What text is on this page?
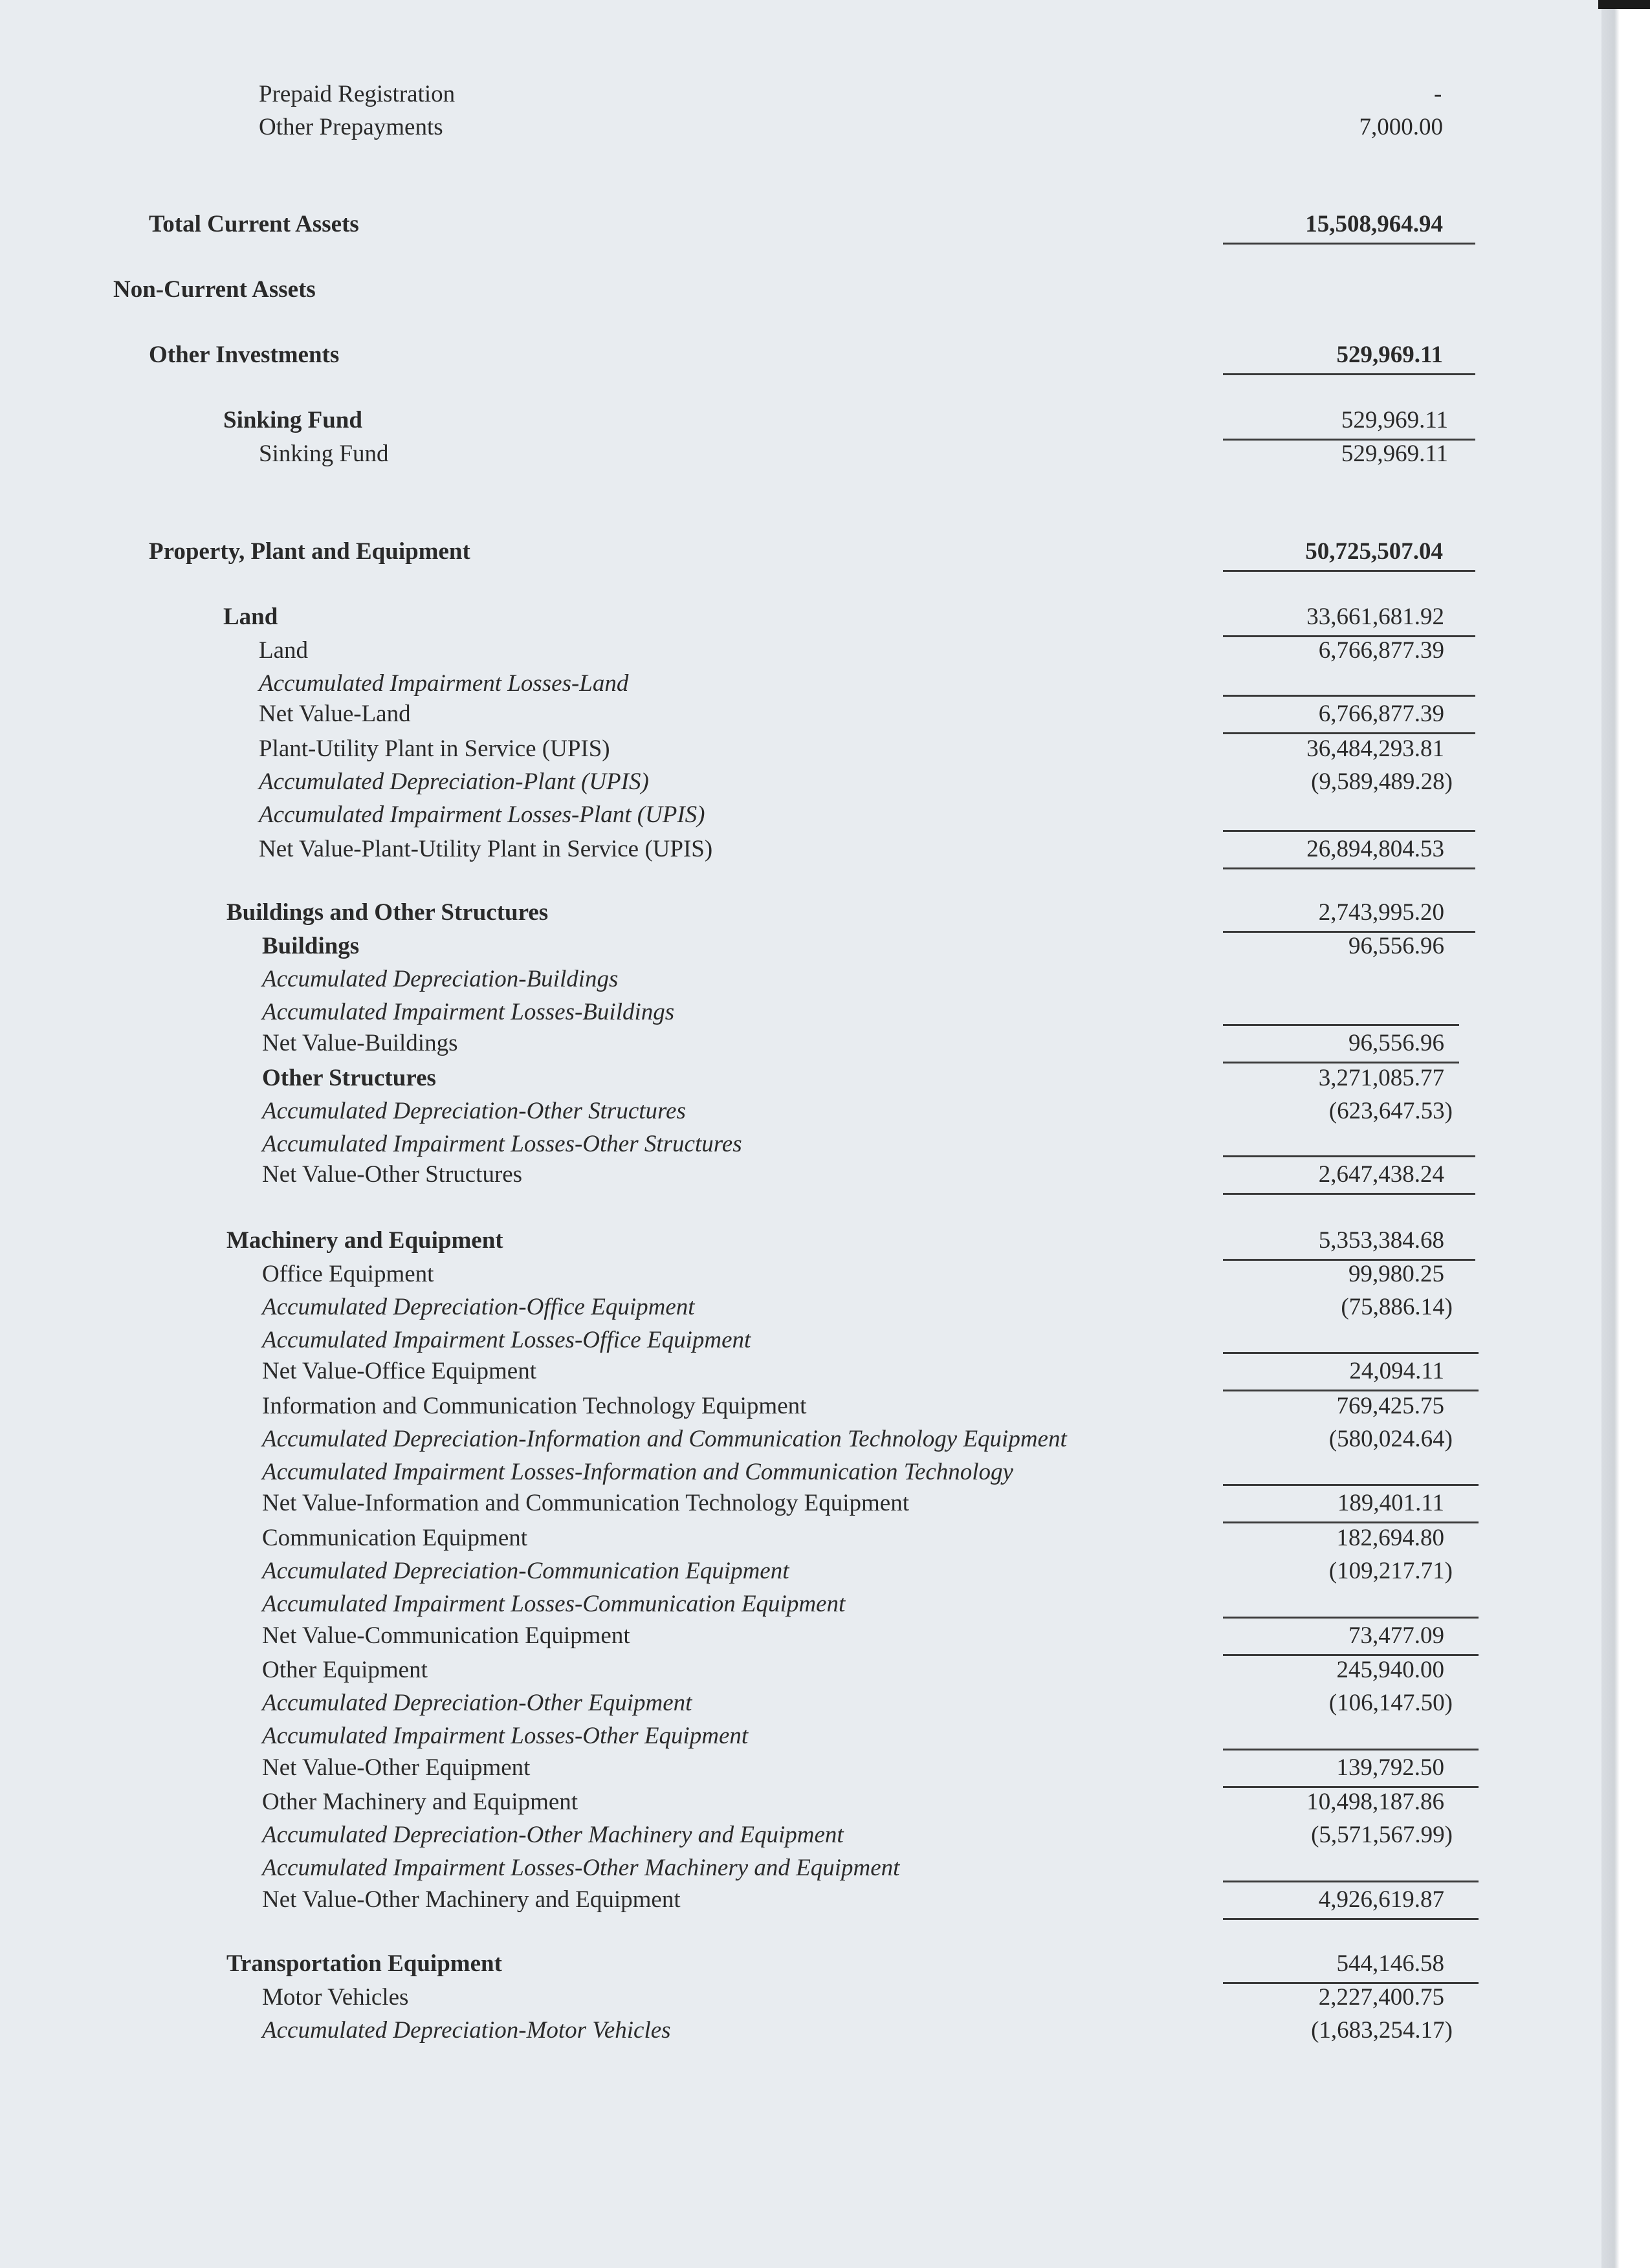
Prepaid Registration	-
Other Prepayments	7,000.00
Total Current Assets	15,508,964.94
Non-Current Assets
Other Investments	529,969.11
Sinking Fund	529,969.11
Sinking Fund	529,969.11
Property, Plant and Equipment	50,725,507.04
Land	33,661,681.92
Land	6,766,877.39
Accumulated Impairment Losses-Land
Net Value-Land	6,766,877.39
Plant-Utility Plant in Service (UPIS)	36,484,293.81
Accumulated Depreciation-Plant (UPIS)	(9,589,489.28)
Accumulated Impairment Losses-Plant (UPIS)
Net Value-Plant-Utility Plant in Service (UPIS)	26,894,804.53
Buildings and Other Structures	2,743,995.20
Buildings	96,556.96
Accumulated Depreciation-Buildings
Accumulated Impairment Losses-Buildings
Net Value-Buildings	96,556.96
Other Structures	3,271,085.77
Accumulated Depreciation-Other Structures	(623,647.53)
Accumulated Impairment Losses-Other Structures
Net Value-Other Structures	2,647,438.24
Machinery and Equipment	5,353,384.68
Office Equipment	99,980.25
Accumulated Depreciation-Office Equipment	(75,886.14)
Accumulated Impairment Losses-Office Equipment
Net Value-Office Equipment	24,094.11
Information and Communication Technology Equipment	769,425.75
Accumulated Depreciation-Information and Communication Technology Equipment	(580,024.64)
Accumulated Impairment Losses-Information and Communication Technology
Net Value-Information and Communication Technology Equipment	189,401.11
Communication Equipment	182,694.80
Accumulated Depreciation-Communication Equipment	(109,217.71)
Accumulated Impairment Losses-Communication Equipment
Net Value-Communication Equipment	73,477.09
Other Equipment	245,940.00
Accumulated Depreciation-Other Equipment	(106,147.50)
Accumulated Impairment Losses-Other Equipment
Net Value-Other Equipment	139,792.50
Other Machinery and Equipment	10,498,187.86
Accumulated Depreciation-Other Machinery and Equipment	(5,571,567.99)
Accumulated Impairment Losses-Other Machinery and Equipment
Net Value-Other Machinery and Equipment	4,926,619.87
Transportation Equipment	544,146.58
Motor Vehicles	2,227,400.75
Accumulated Depreciation-Motor Vehicles	(1,683,254.17)
